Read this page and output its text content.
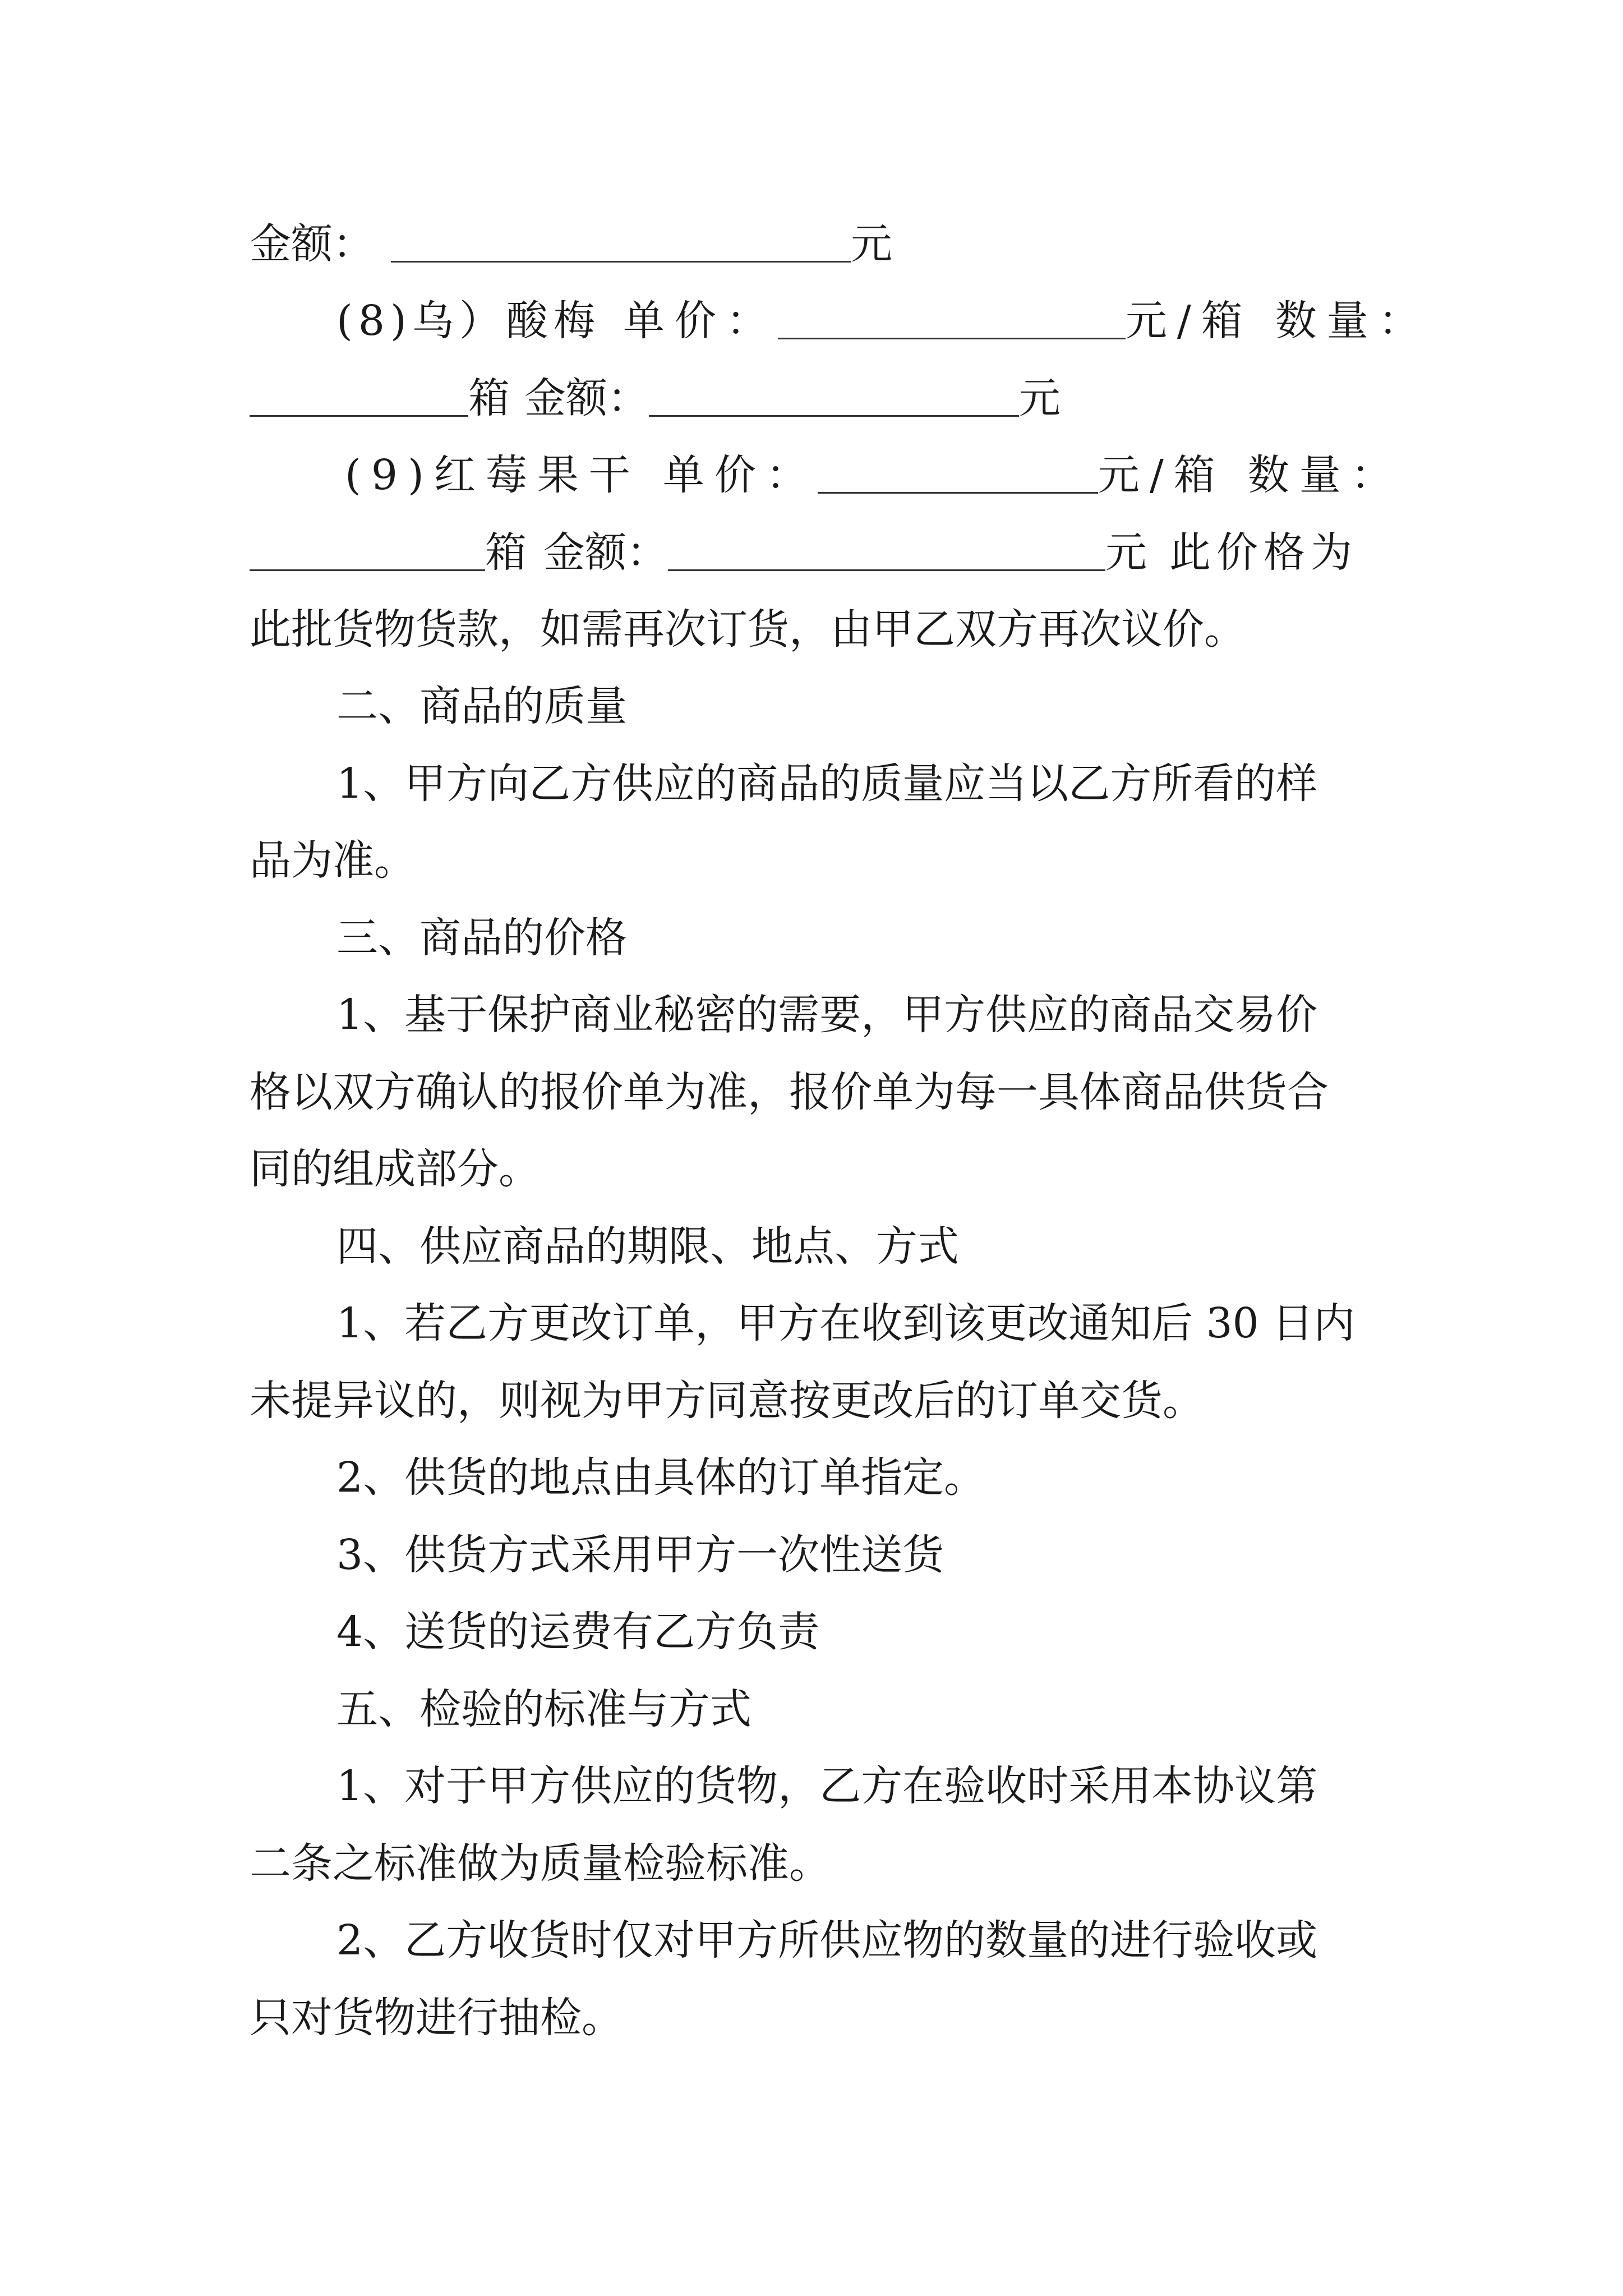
金额：	元
(8)乌）酸梅 单价：	元/箱 数量：
箱 金额：	元
(9)红莓果干 单价：	元/箱 数量：
箱 金额：	元 此价格为
此批货物货款，如需再次订货，由甲乙双方再次议价。
二、商品的质量
1、甲方向乙方供应的商品的质量应当以乙方所看的样
品为准。
三、商品的价格
1、基于保护商业秘密的需要，甲方供应的商品交易价
格以双方确认的报价单为准，报价单为每一具体商品供货合
同的组成部分。
四、供应商品的期限、地点、方式
1、若乙方更改订单，甲方在收到该更改通知后 30 日内
未提异议的，则视为甲方同意按更改后的订单交货。
2、供货的地点由具体的订单指定。
3、供货方式采用甲方一次性送货
4、送货的运费有乙方负责
五、检验的标准与方式
1、对于甲方供应的货物，乙方在验收时采用本协议第
二条之标准做为质量检验标准。
2、乙方收货时仅对甲方所供应物的数量的进行验收或
只对货物进行抽检。
